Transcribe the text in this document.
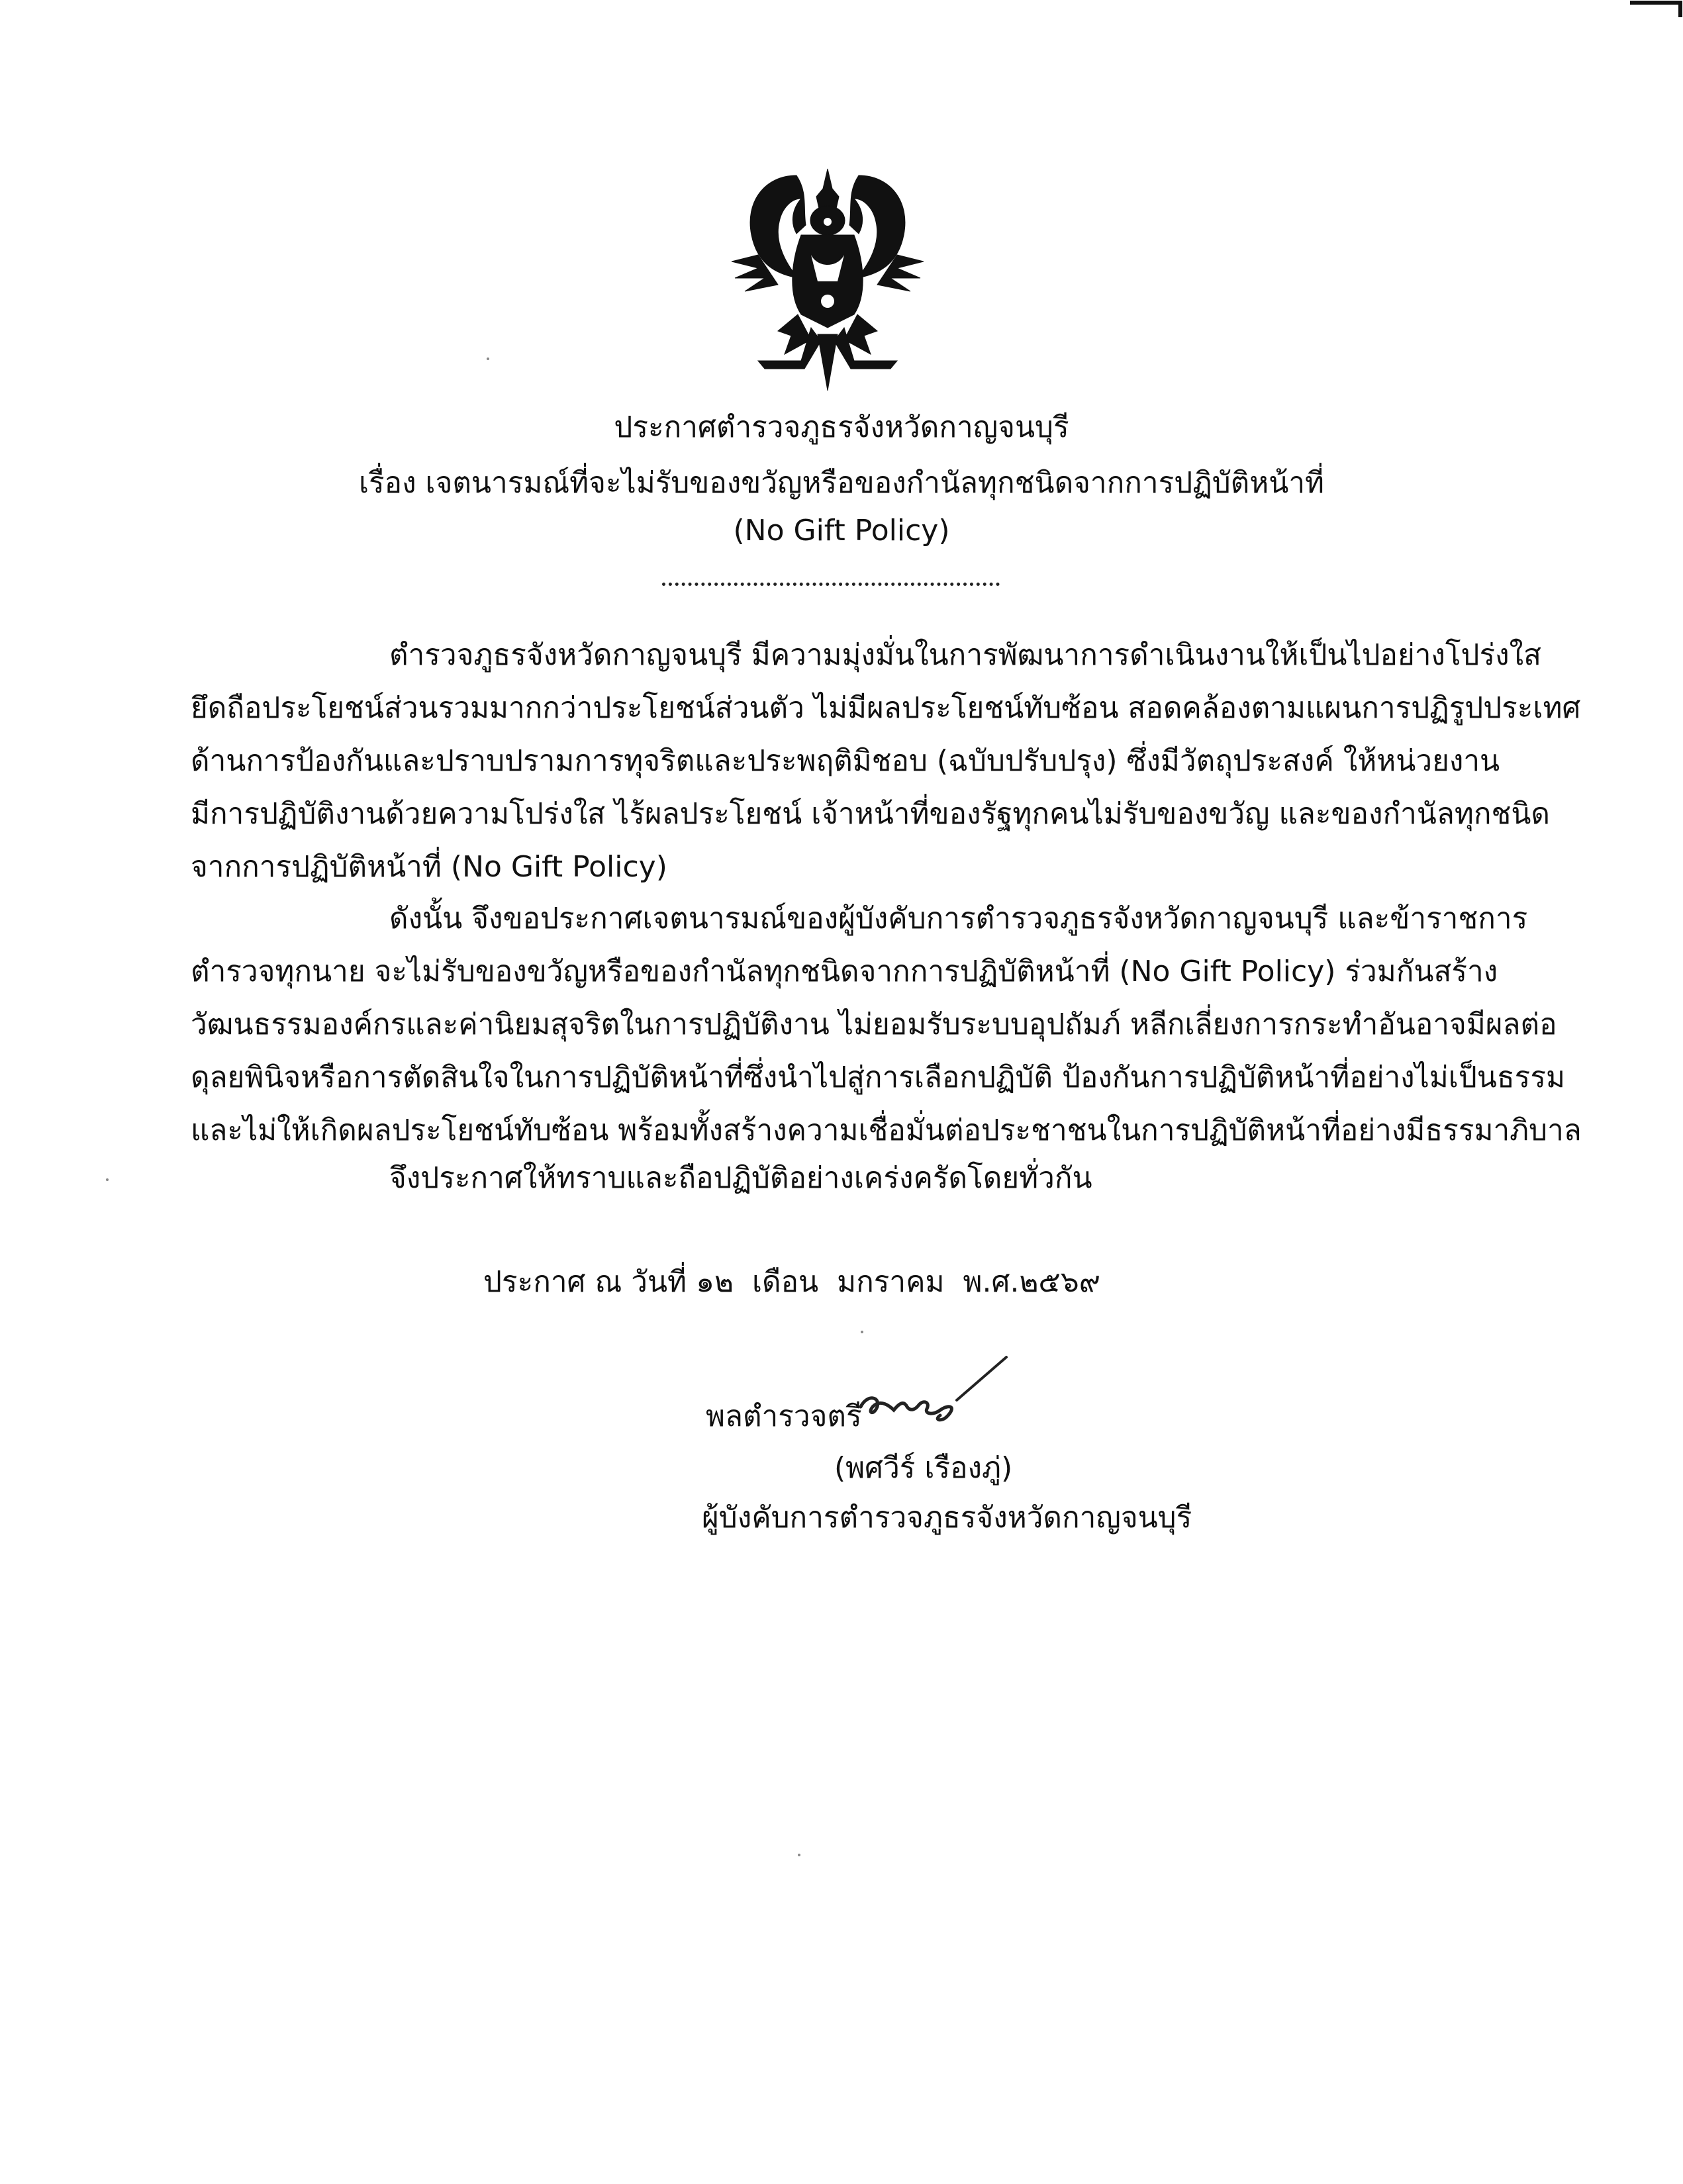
ประกาศตำรวจภูธรจังหวัดกาญจนบุรี
เรื่อง เจตนารมณ์ที่จะไม่รับของขวัญหรือของกำนัลทุกชนิดจากการปฏิบัติหน้าที่
(No Gift Policy)
ตำรวจภูธรจังหวัดกาญจนบุรี มีความมุ่งมั่นในการพัฒนาการดำเนินงานให้เป็นไปอย่างโปร่งใส
ยึดถือประโยชน์ส่วนรวมมากกว่าประโยชน์ส่วนตัว ไม่มีผลประโยชน์ทับซ้อน สอดคล้องตามแผนการปฏิรูปประเทศ
ด้านการป้องกันและปราบปรามการทุจริตและประพฤติมิชอบ (ฉบับปรับปรุง) ซึ่งมีวัตถุประสงค์ ให้หน่วยงาน
มีการปฏิบัติงานด้วยความโปร่งใส ไร้ผลประโยชน์ เจ้าหน้าที่ของรัฐทุกคนไม่รับของขวัญ และของกำนัลทุกชนิด
จากการปฏิบัติหน้าที่ (No Gift Policy)
ดังนั้น จึงขอประกาศเจตนารมณ์ของผู้บังคับการตำรวจภูธรจังหวัดกาญจนบุรี และข้าราชการ
ตำรวจทุกนาย จะไม่รับของขวัญหรือของกำนัลทุกชนิดจากการปฏิบัติหน้าที่ (No Gift Policy) ร่วมกันสร้าง
วัฒนธรรมองค์กรและค่านิยมสุจริตในการปฏิบัติงาน ไม่ยอมรับระบบอุปถัมภ์ หลีกเลี่ยงการกระทำอันอาจมีผลต่อ
ดุลยพินิจหรือการตัดสินใจในการปฏิบัติหน้าที่ซึ่งนำไปสู่การเลือกปฏิบัติ ป้องกันการปฏิบัติหน้าที่อย่างไม่เป็นธรรม
และไม่ให้เกิดผลประโยชน์ทับซ้อน พร้อมทั้งสร้างความเชื่อมั่นต่อประชาชนในการปฏิบัติหน้าที่อย่างมีธรรมาภิบาล
จึงประกาศให้ทราบและถือปฏิบัติอย่างเคร่งครัดโดยทั่วกัน
ประกาศ ณ วันที่ ๑๒ เดือน มกราคม พ.ศ.๒๕๖๙
พลตำรวจตรี
(พศวีร์ เรืองภู่)
ผู้บังคับการตำรวจภูธรจังหวัดกาญจนบุรี
